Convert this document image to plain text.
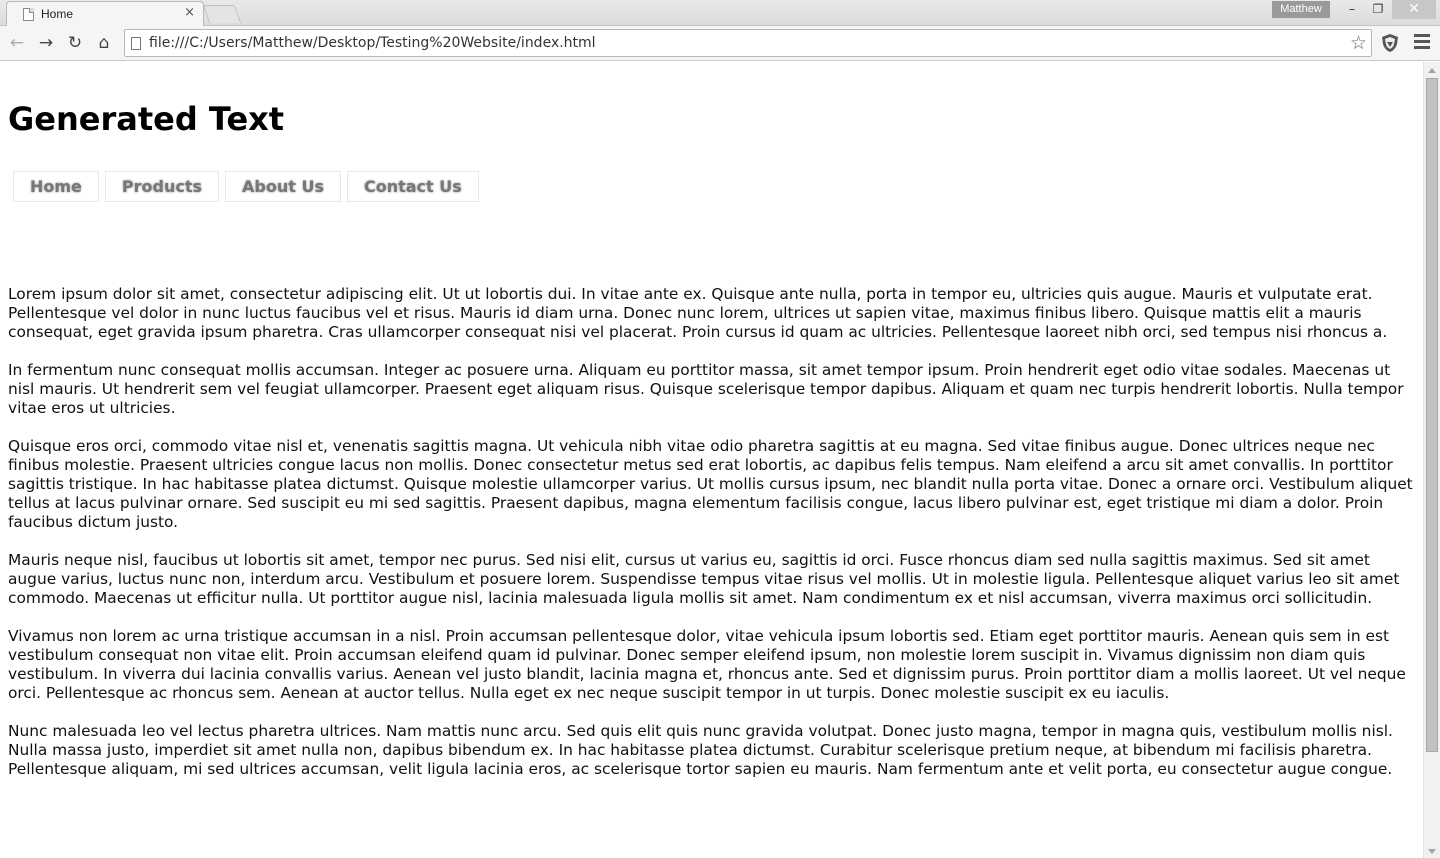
Home	×	Matthew	–	❐	✕
← → ↻ ⌂	file:///C:/Users/Matthew/Desktop/Testing%20Website/index.html	☆
Generated Text
Home	Products	About Us	Contact Us

Lorem ipsum dolor sit amet, consectetur adipiscing elit. Ut ut lobortis dui. In vitae ante ex. Quisque ante nulla, porta in tempor eu, ultricies quis augue. Mauris et vulputate erat. Pellentesque vel dolor in nunc luctus faucibus vel et risus. Mauris id diam urna. Donec nunc lorem, ultrices ut sapien vitae, maximus finibus libero. Quisque mattis elit a mauris consequat, eget gravida ipsum pharetra. Cras ullamcorper consequat nisi vel placerat. Proin cursus id quam ac ultricies. Pellentesque laoreet nibh orci, sed tempus nisi rhoncus a.

In fermentum nunc consequat mollis accumsan. Integer ac posuere urna. Aliquam eu porttitor massa, sit amet tempor ipsum. Proin hendrerit eget odio vitae sodales. Maecenas ut nisl mauris. Ut hendrerit sem vel feugiat ullamcorper. Praesent eget aliquam risus. Quisque scelerisque tempor dapibus. Aliquam et quam nec turpis hendrerit lobortis. Nulla tempor vitae eros ut ultricies.

Quisque eros orci, commodo vitae nisl et, venenatis sagittis magna. Ut vehicula nibh vitae odio pharetra sagittis at eu magna. Sed vitae finibus augue. Donec ultrices neque nec finibus molestie. Praesent ultricies congue lacus non mollis. Donec consectetur metus sed erat lobortis, ac dapibus felis tempus. Nam eleifend a arcu sit amet convallis. In porttitor sagittis tristique. In hac habitasse platea dictumst. Quisque molestie ullamcorper varius. Ut mollis cursus ipsum, nec blandit nulla porta vitae. Donec a ornare orci. Vestibulum aliquet tellus at lacus pulvinar ornare. Sed suscipit eu mi sed sagittis. Praesent dapibus, magna elementum facilisis congue, lacus libero pulvinar est, eget tristique mi diam a dolor. Proin faucibus dictum justo.

Mauris neque nisl, faucibus ut lobortis sit amet, tempor nec purus. Sed nisi elit, cursus ut varius eu, sagittis id orci. Fusce rhoncus diam sed nulla sagittis maximus. Sed sit amet augue varius, luctus nunc non, interdum arcu. Vestibulum et posuere lorem. Suspendisse tempus vitae risus vel mollis. Ut in molestie ligula. Pellentesque aliquet varius leo sit amet commodo. Maecenas ut efficitur nulla. Ut porttitor augue nisl, lacinia malesuada ligula mollis sit amet. Nam condimentum ex et nisl accumsan, viverra maximus orci sollicitudin.

Vivamus non lorem ac urna tristique accumsan in a nisl. Proin accumsan pellentesque dolor, vitae vehicula ipsum lobortis sed. Etiam eget porttitor mauris. Aenean quis sem in est vestibulum consequat non vitae elit. Proin accumsan eleifend quam id pulvinar. Donec semper eleifend ipsum, non molestie lorem suscipit in. Vivamus dignissim non diam quis vestibulum. In viverra dui lacinia convallis varius. Aenean vel justo blandit, lacinia magna et, rhoncus ante. Sed et dignissim purus. Proin porttitor diam a mollis laoreet. Ut vel neque orci. Pellentesque ac rhoncus sem. Aenean at auctor tellus. Nulla eget ex nec neque suscipit tempor in ut turpis. Donec molestie suscipit ex eu iaculis.

Nunc malesuada leo vel lectus pharetra ultrices. Nam mattis nunc arcu. Sed quis elit quis nunc gravida volutpat. Donec justo magna, tempor in magna quis, vestibulum mollis nisl. Nulla massa justo, imperdiet sit amet nulla non, dapibus bibendum ex. In hac habitasse platea dictumst. Curabitur scelerisque pretium neque, at bibendum mi facilisis pharetra. Pellentesque aliquam, mi sed ultrices accumsan, velit ligula lacinia eros, ac scelerisque tortor sapien eu mauris. Nam fermentum ante et velit porta, eu consectetur augue congue.
